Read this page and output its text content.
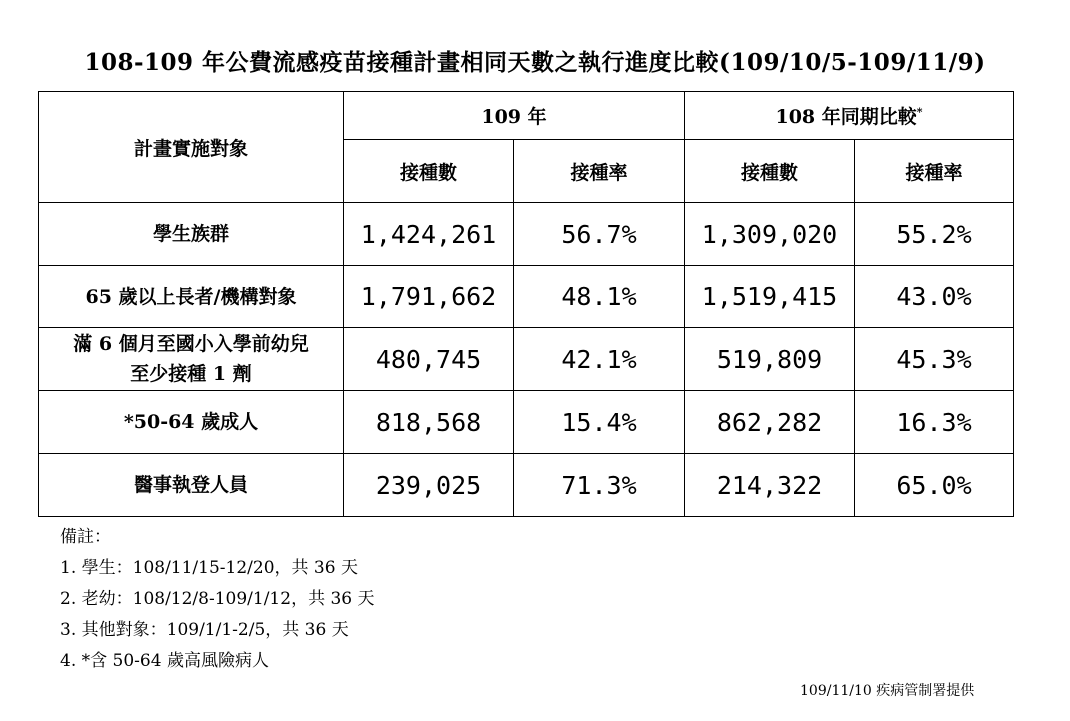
108-109 年公費流感疫苗接種計畫相同天數之執行進度比較(109/10/5-109/11/9)
計畫實施對象	109 年		108 年同期比較*
	接種數	接種率	接種數	接種率

學生族群	1,424,261	56.7%	1,309,020	55.2%

65 歲以上長者/機構對象	1,791,662	48.1%	1,519,415	43.0%

滿 6 個月至國小入學前幼兒
至少接種 1 劑	480,745	42.1%	519,809	45.3%

*50-64 歲成人	818,568	15.4%	862,282	16.3%

醫事執登人員	239,025	71.3%	214,322	65.0%
備註：
1. 學生：108/11/15-12/20，共 36 天
2. 老幼：108/12/8-109/1/12，共 36 天
3. 其他對象：109/1/1-2/5，共 36 天
4. *含 50-64 歲高風險病人
109/11/10 疾病管制署提供
